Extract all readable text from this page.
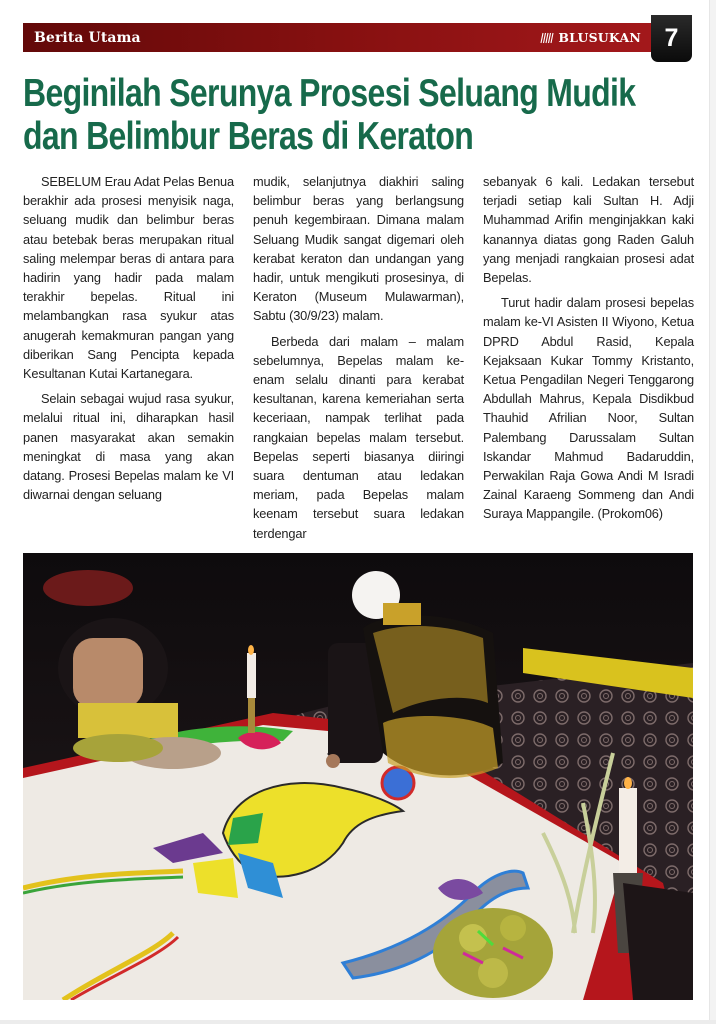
Berita Utama	BLUSUKAN 7
Beginilah Serunya Prosesi Seluang Mudik
dan Belimbur Beras di Keraton

SEBELUM Erau Adat Pelas Benua berakhir ada prosesi menyisik naga, seluang mudik dan belimbur beras atau betebak beras merupakan ritual saling melempar beras di antara para hadirin yang hadir pada malam terakhir bepelas. Ritual ini melambangkan rasa syukur atas anugerah kemakmuran pangan yang diberikan Sang Pencipta kepada Kesultanan Kutai Kartanegara.

Selain sebagai wujud rasa syukur, melalui ritual ini, diharapkan hasil panen masyarakat akan semakin meningkat di masa yang akan datang. Prosesi Bepelas malam ke VI diwarnai dengan seluang

mudik, selanjutnya diakhiri saling belimbur beras yang berlangsung penuh kegembiraan. Dimana malam Seluang Mudik sangat digemari oleh kerabat keraton dan undangan yang hadir, untuk mengikuti prosesinya, di Keraton (Museum Mulawarman), Sabtu (30/9/23) malam.

Berbeda dari malam – malam sebelumnya, Bepelas malam ke-enam selalu dinanti para kerabat kesultanan, karena kemeriahan serta keceriaan, nampak terlihat pada rangkaian bepelas malam tersebut. Bepelas seperti biasanya diiringi suara dentuman atau ledakan meriam, pada Bepelas malam keenam tersebut suara ledakan terdengar

sebanyak 6 kali. Ledakan tersebut terjadi setiap kali Sultan H. Adji Muhammad Arifin menginjakkan kaki kanannya diatas gong Raden Galuh yang menjadi rangkaian prosesi adat Bepelas.

Turut hadir dalam prosesi bepelas malam ke-VI Asisten II Wiyono, Ketua DPRD Abdul Rasid, Kepala Kejaksaan Kukar Tommy Kristanto, Ketua Pengadilan Negeri Tenggarong Abdullah Mahrus, Kepala Disdikbud Thauhid Afrilian Noor, Sultan Palembang Darussalam Sultan Iskandar Mahmud Badaruddin, Perwakilan Raja Gowa Andi M Isradi Zainal Karaeng Sommeng dan Andi Suraya Mappangile. (Prokom06)
